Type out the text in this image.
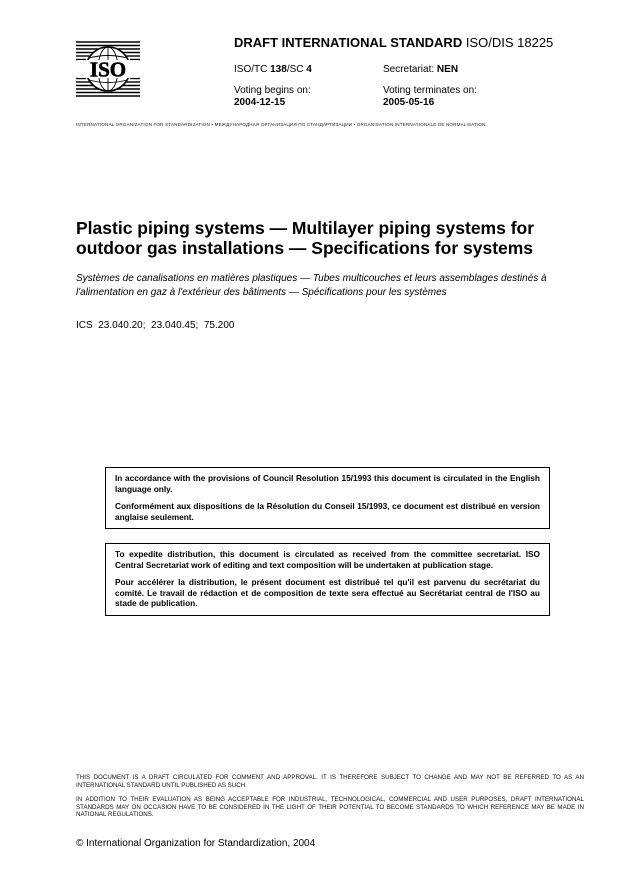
ISO
DRAFT INTERNATIONAL STANDARD ISO/DIS 18225
ISO/TC 138/SC 4	Secretariat: NEN
Voting begins on:
2004-12-15
Voting terminates on:
2005-05-16
INTERNATIONAL ORGANIZATION FOR STANDARDIZATION • МЕЖДУНАРОДНАЯ ОРГАНИЗАЦИЯ ПО СТАНДАРТИЗАЦИИ • ORGANISATION INTERNATIONALE DE NORMALISATION
Plastic piping systems — Multilayer piping systems for outdoor gas installations — Specifications for systems
Systèmes de canalisations en matières plastiques — Tubes multicouches et leurs assemblages destinés à l'alimentation en gaz à l'extérieur des bâtiments — Spécifications pour les systèmes
ICS  23.040.20;  23.040.45;  75.200

In accordance with the provisions of Council Resolution 15/1993 this document is circulated in the English language only.

Conformément aux dispositions de la Résolution du Conseil 15/1993, ce document est distribué en version anglaise seulement.

To expedite distribution, this document is circulated as received from the committee secretariat. ISO Central Secretariat work of editing and text composition will be undertaken at publication stage.

Pour accélérer la distribution, le présent document est distribué tel qu'il est parvenu du secrétariat du comité. Le travail de rédaction et de composition de texte sera effectué au Secrétariat central de l'ISO au stade de publication.

THIS DOCUMENT IS A DRAFT CIRCULATED FOR COMMENT AND APPROVAL. IT IS THEREFORE SUBJECT TO CHANGE AND MAY NOT BE REFERRED TO AS AN INTERNATIONAL STANDARD UNTIL PUBLISHED AS SUCH.
IN ADDITION TO THEIR EVALUATION AS BEING ACCEPTABLE FOR INDUSTRIAL, TECHNOLOGICAL, COMMERCIAL AND USER PURPOSES, DRAFT INTERNATIONAL STANDARDS MAY ON OCCASION HAVE TO BE CONSIDERED IN THE LIGHT OF THEIR POTENTIAL TO BECOME STANDARDS TO WHICH REFERENCE MAY BE MADE IN NATIONAL REGULATIONS.
© International Organization for Standardization, 2004
